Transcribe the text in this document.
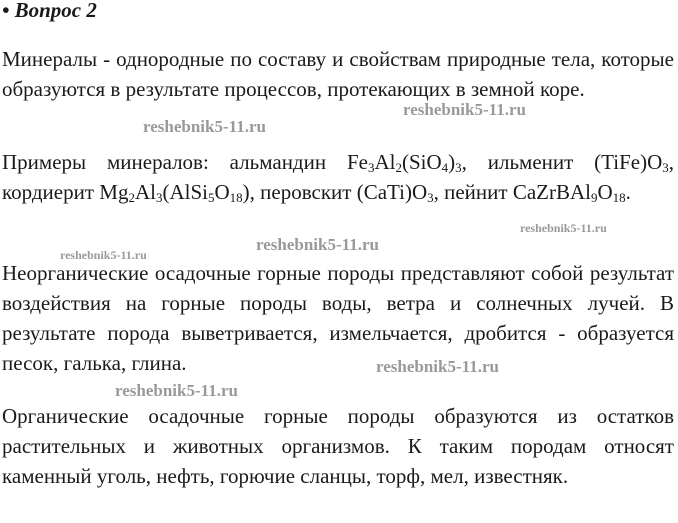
• Вопрос 2
Минералы - однородные по составу и свойствам природные тела, которые образуются в результате процессов, протекающих в земной коре.
Примеры минералов: альмандин $Fe_3Al_2(SiO_4)_3$, ильменит $(TiFe)O_3$, кордиерит $Mg_2Al_3(AlSi_5O_{18})$, перовскит $(CaTi)O_3$, пейнит $CaZrBAl_9O_{18}$.
Неорганические осадочные горные породы представляют собой результат воздействия на горные породы воды, ветра и солнечных лучей. В результате порода выветривается, измельчается, дробится - образуется песок, галька, глина.
Органические осадочные горные породы образуются из остатков растительных и животных организмов. К таким породам относят каменный уголь, нефть, горючие сланцы, торф, мел, известняк.
reshebnik5-11.ru
reshebnik5-11.ru
reshebnik5-11.ru
reshebnik5-11.ru
reshebnik5-11.ru
reshebnik5-11.ru
reshebnik5-11.ru
